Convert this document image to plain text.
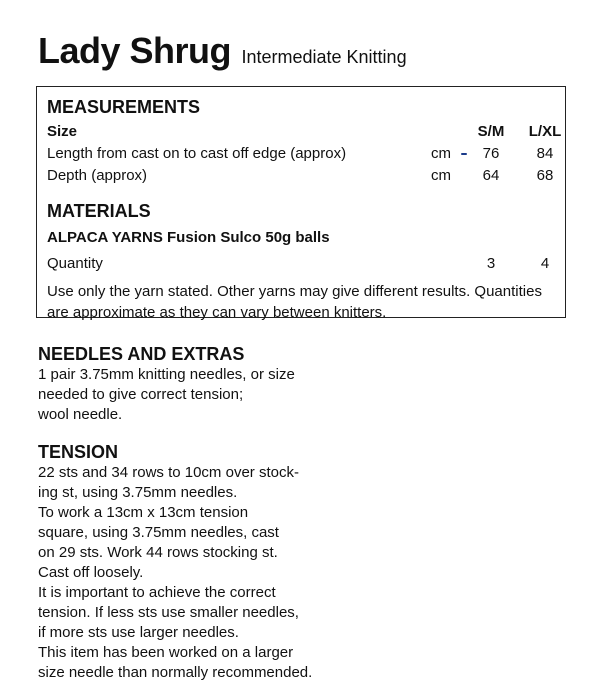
Lady Shrug Intermediate Knitting
MEASUREMENTS
Size	S/M	L/XL
Length from cast on to cast off edge (approx)	cm	76	84
Depth (approx)	cm	64	68
MATERIALS
ALPACA YARNS Fusion Sulco 50g balls
Quantity	3	4
Use only the yarn stated. Other yarns may give different results. Quantities
are approximate as they can vary between knitters.
NEEDLES AND EXTRAS
1 pair 3.75mm knitting needles, or size
needed to give correct tension;
wool needle.
TENSION
22 sts and 34 rows to 10cm over stock-
ing st, using 3.75mm needles.
To work a 13cm x 13cm tension
square, using 3.75mm needles, cast
on 29 sts. Work 44 rows stocking st.
Cast off loosely.
It is important to achieve the correct
tension. If less sts use smaller needles,
if more sts use larger needles.
This item has been worked on a larger
size needle than normally recommended.
